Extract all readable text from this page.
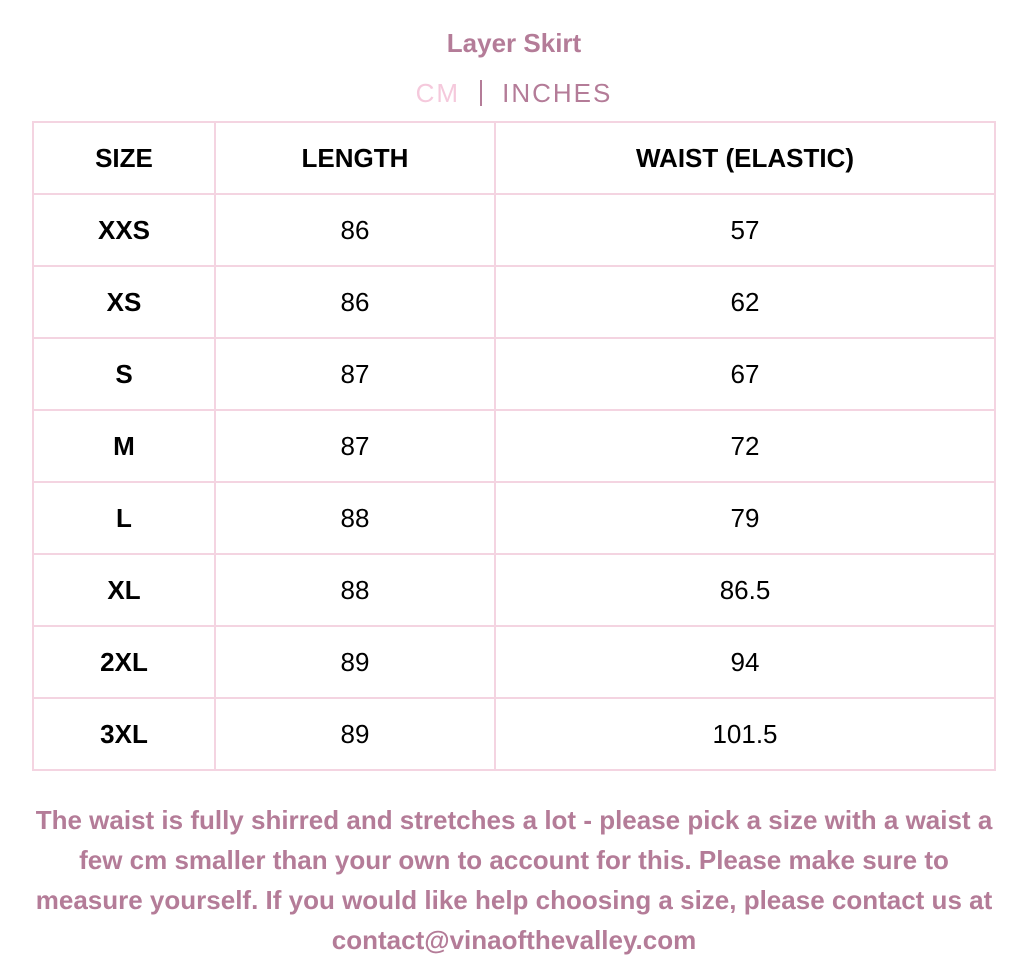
Layer Skirt
CM INCHES
SIZE	LENGTH	WAIST (ELASTIC)
XXS	86	57
XS	86	62
S	87	67
M	87	72
L	88	79
XL	88	86.5
2XL	89	94
3XL	89	101.5
The waist is fully shirred and stretches a lot - please pick a size with a waist a few cm smaller than your own to account for this. Please make sure to measure yourself. If you would like help choosing a size, please contact us at contact@vinaofthevalley.com
